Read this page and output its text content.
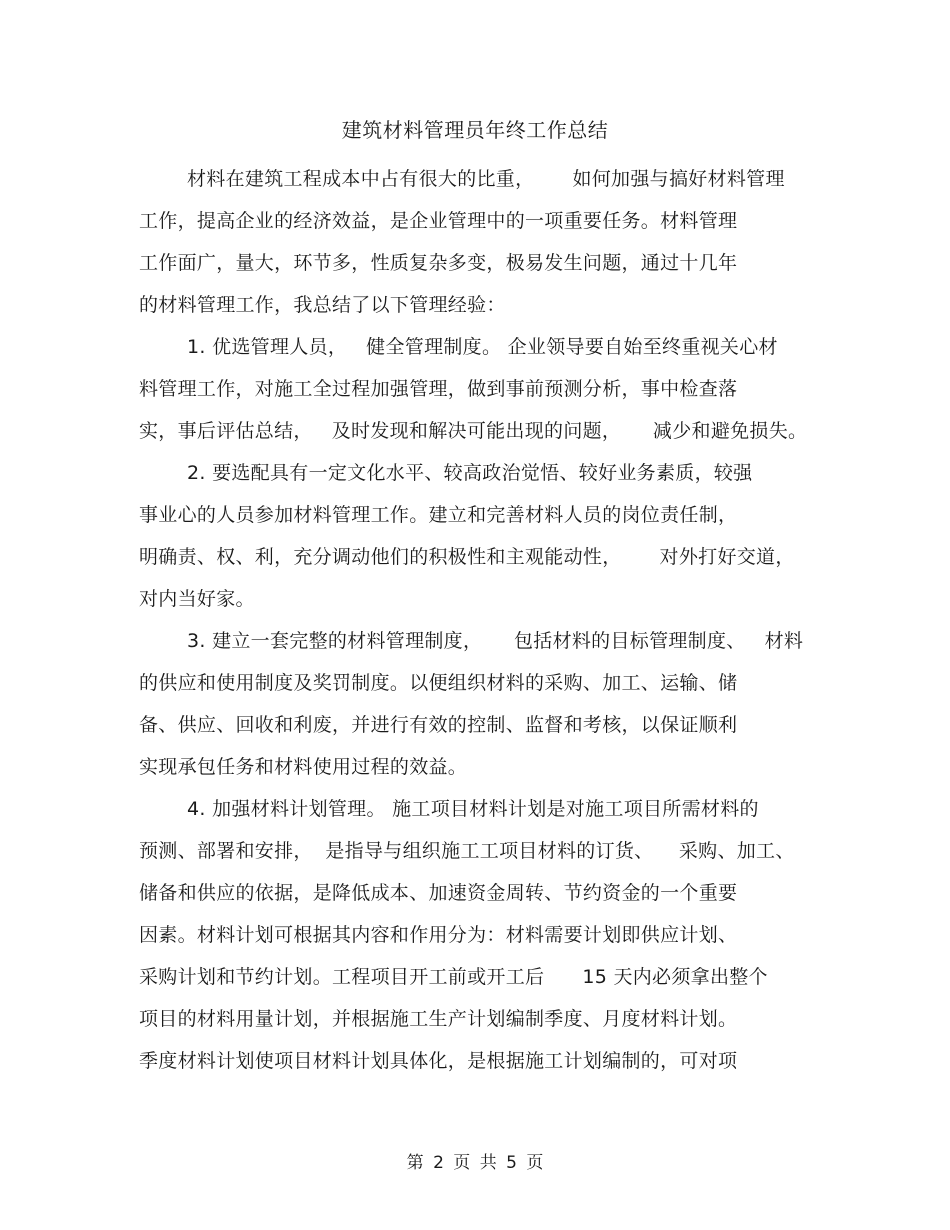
建筑材料管理员年终工作总结
材料在建筑工程成本中占有很大的比重，      如何加强与搞好材料管理
工作，提高企业的经济效益，是企业管理中的一项重要任务。材料管理
工作面广，量大，环节多，性质复杂多变，极易发生问题，通过十几年
的材料管理工作，我总结了以下管理经验：
1. 优选管理人员，   健全管理制度。 企业领导要自始至终重视关心材
料管理工作，对施工全过程加强管理，做到事前预测分析，事中检查落
实，事后评估总结，   及时发现和解决可能出现的问题，     减少和避免损失。
2. 要选配具有一定文化水平、较高政治觉悟、较好业务素质，较强
事业心的人员参加材料管理工作。建立和完善材料人员的岗位责任制，
明确责、权、利，充分调动他们的积极性和主观能动性，      对外打好交道，
对内当好家。
3. 建立一套完整的材料管理制度，     包括材料的目标管理制度、   材料
的供应和使用制度及奖罚制度。以便组织材料的采购、加工、运输、储
备、供应、回收和利废，并进行有效的控制、监督和考核，以保证顺利
实现承包任务和材料使用过程的效益。
4. 加强材料计划管理。 施工项目材料计划是对施工项目所需材料的
预测、部署和安排，  是指导与组织施工工项目材料的订货、    采购、加工、
储备和供应的依据，是降低成本、加速资金周转、节约资金的一个重要
因素。材料计划可根据其内容和作用分为：材料需要计划即供应计划、
采购计划和节约计划。工程项目开工前或开工后      15 天内必须拿出整个
项目的材料用量计划，并根据施工生产计划编制季度、月度材料计划。
季度材料计划使项目材料计划具体化，是根据施工计划编制的，可对项
第 2 页 共 5 页
